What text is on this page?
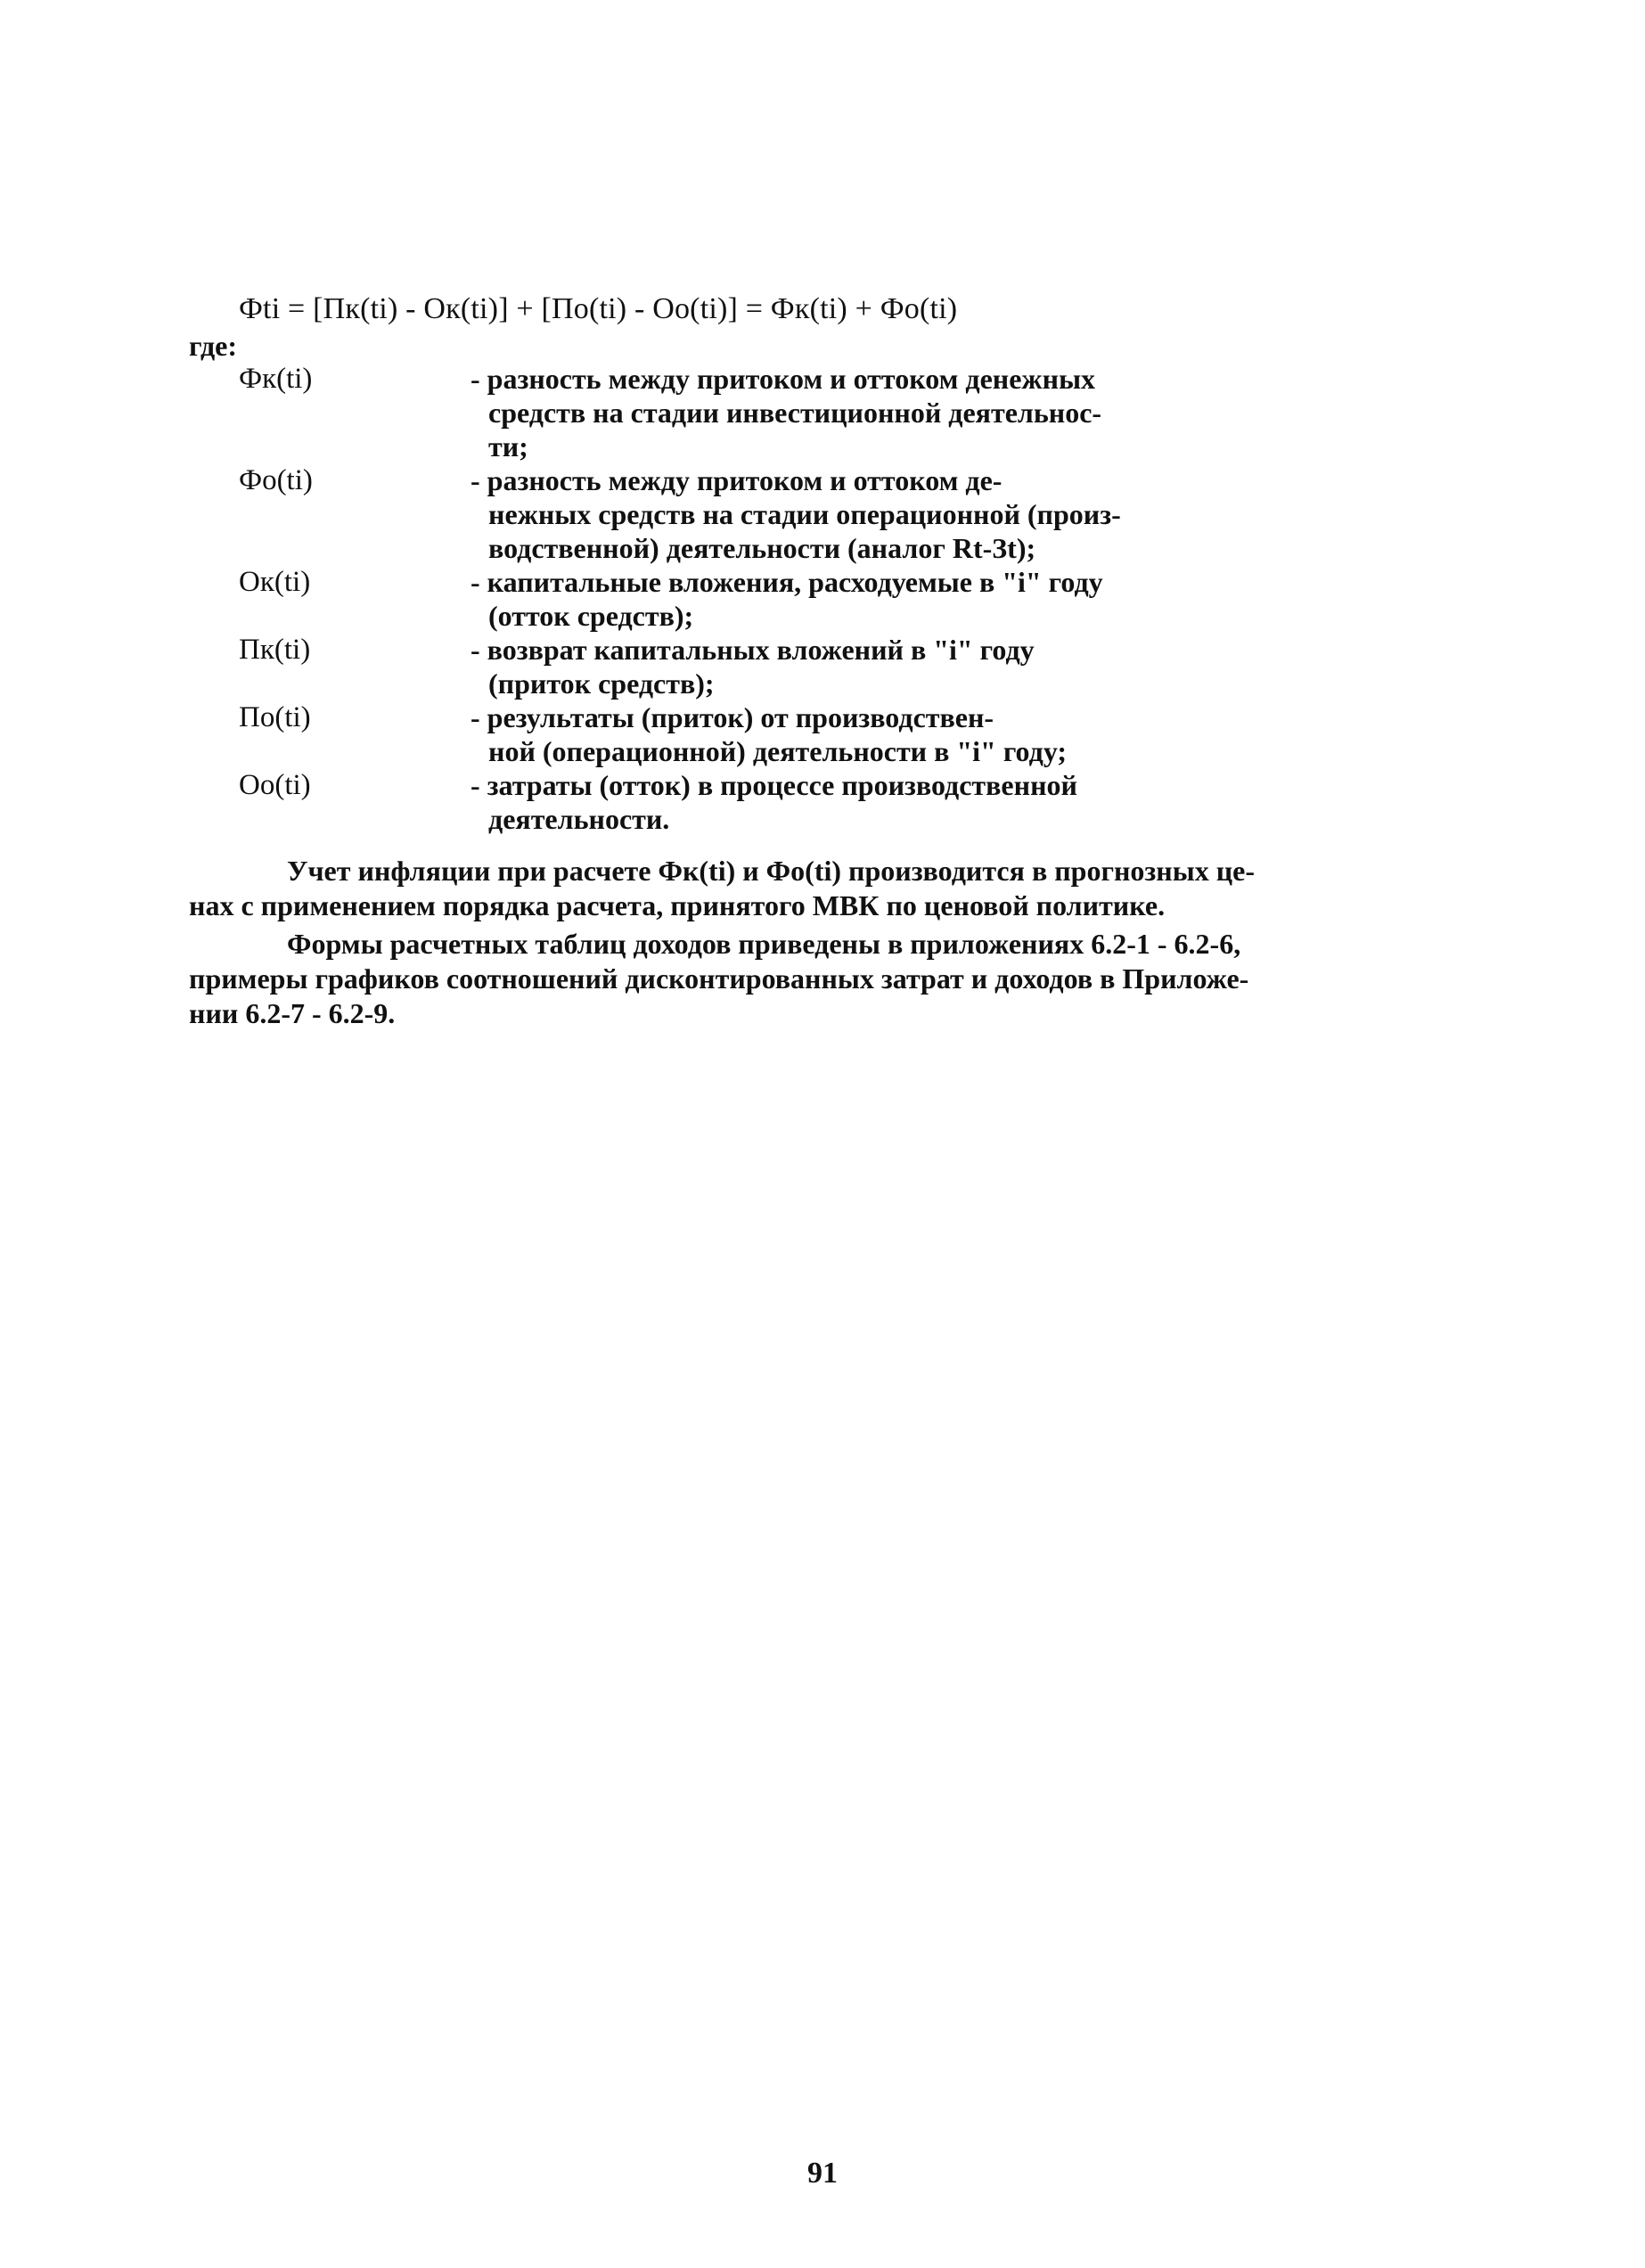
Фti = [Пк(ti) - Ок(ti)] + [По(ti) - Оо(ti)] = Фк(ti) + Фо(ti)
где:
Фк(ti)	- разность между притоком и оттоком денежных
средств на стадии инвестиционной деятельнос-
ти;
Фо(ti)	- разность между притоком и оттоком де-
нежных средств на стадии операционной (произ-
водственной) деятельности (аналог Rt-Зt);
Ок(ti)	- капитальные вложения, расходуемые в "i" году
(отток средств);
Пк(ti)	- возврат капитальных вложений в "i" году
(приток средств);
По(ti)	- результаты (приток) от производствен-
ной (операционной) деятельности в "i" году;
Оо(ti)	- затраты (отток) в процессе производственной
деятельности.
Учет инфляции при расчете Фк(ti) и Фо(ti) производится в прогнозных це-
нах с применением порядка расчета, принятого МВК по ценовой политике.
Формы расчетных таблиц доходов приведены в приложениях 6.2-1 - 6.2-6,
примеры графиков соотношений дисконтированных затрат и доходов в Приложе-
нии 6.2-7 - 6.2-9.
91
